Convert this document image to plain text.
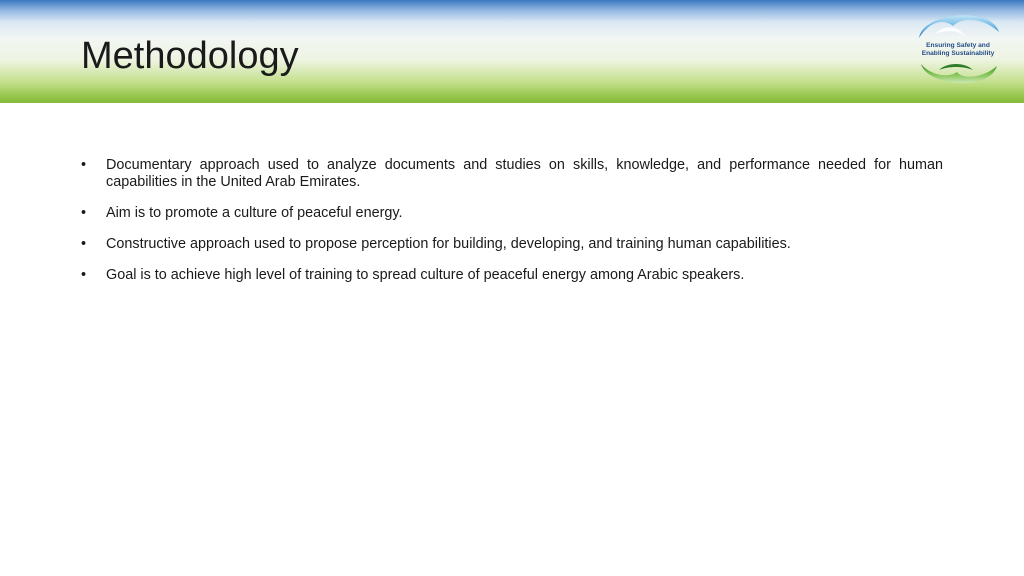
Methodology	Ensuring Safety and
Enabling Sustainability
• Documentary approach used to analyze documents and studies on skills, knowledge, and performance needed for human capabilities in the United Arab Emirates.
• Aim is to promote a culture of peaceful energy.
• Constructive approach used to propose perception for building, developing, and training human capabilities.
• Goal is to achieve high level of training to spread culture of peaceful energy among Arabic speakers.
